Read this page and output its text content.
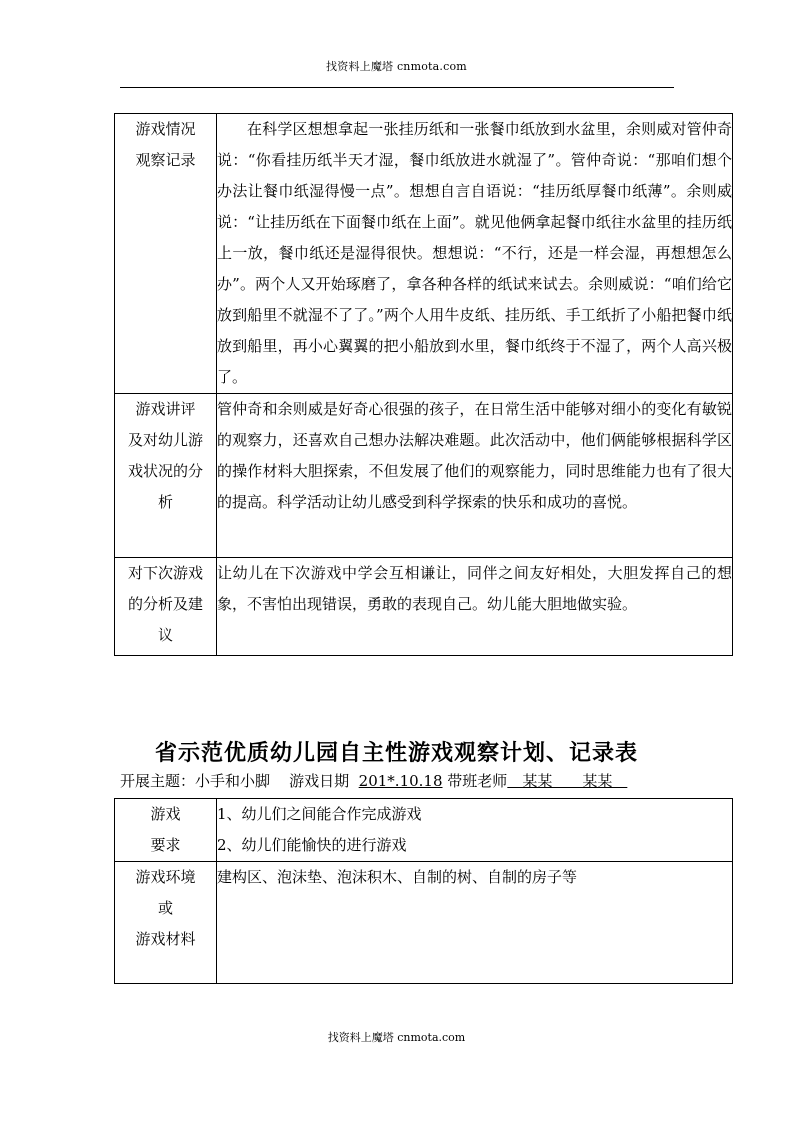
找资料上魔塔 cnmota.com
游戏情况
观察记录	在科学区想想拿起一张挂历纸和一张餐巾纸放到水盆里，余则威对管仲奇说：“你看挂历纸半天才湿，餐巾纸放进水就湿了”。管仲奇说：“那咱们想个办法让餐巾纸湿得慢一点”。想想自言自语说：“挂历纸厚餐巾纸薄”。余则威说：“让挂历纸在下面餐巾纸在上面”。就见他俩拿起餐巾纸往水盆里的挂历纸上一放，餐巾纸还是湿得很快。想想说：“不行，还是一样会湿，再想想怎么办”。两个人又开始琢磨了，拿各种各样的纸试来试去。余则威说：“咱们给它放到船里不就湿不了了。”两个人用牛皮纸、挂历纸、手工纸折了小船把餐巾纸放到船里，再小心翼翼的把小船放到水里，餐巾纸终于不湿了，两个人高兴极了。

游戏讲评
及对幼儿游
戏状况的分
析	管仲奇和余则威是好奇心很强的孩子，在日常生活中能够对细小的变化有敏锐的观察力，还喜欢自己想办法解决难题。此次活动中，他们俩能够根据科学区的操作材料大胆探索，不但发展了他们的观察能力，同时思维能力也有了很大的提高。科学活动让幼儿感受到科学探索的快乐和成功的喜悦。

对下次游戏
的分析及建
议	让幼儿在下次游戏中学会互相谦让，同伴之间友好相处，大胆发挥自己的想象，不害怕出现错误，勇敢的表现自己。幼儿能大胆地做实验。
省示范优质幼儿园自主性游戏观察计划、记录表
开展主题：小手和小脚 游戏日期 201*.10.18 带班老师　某某　　某某　
游戏
要求	1、幼儿们之间能合作完成游戏
2、幼儿们能愉快的进行游戏

游戏环境
或
游戏材料	建构区、泡沫垫、泡沫积木、自制的树、自制的房子等
找资料上魔塔 cnmota.com
